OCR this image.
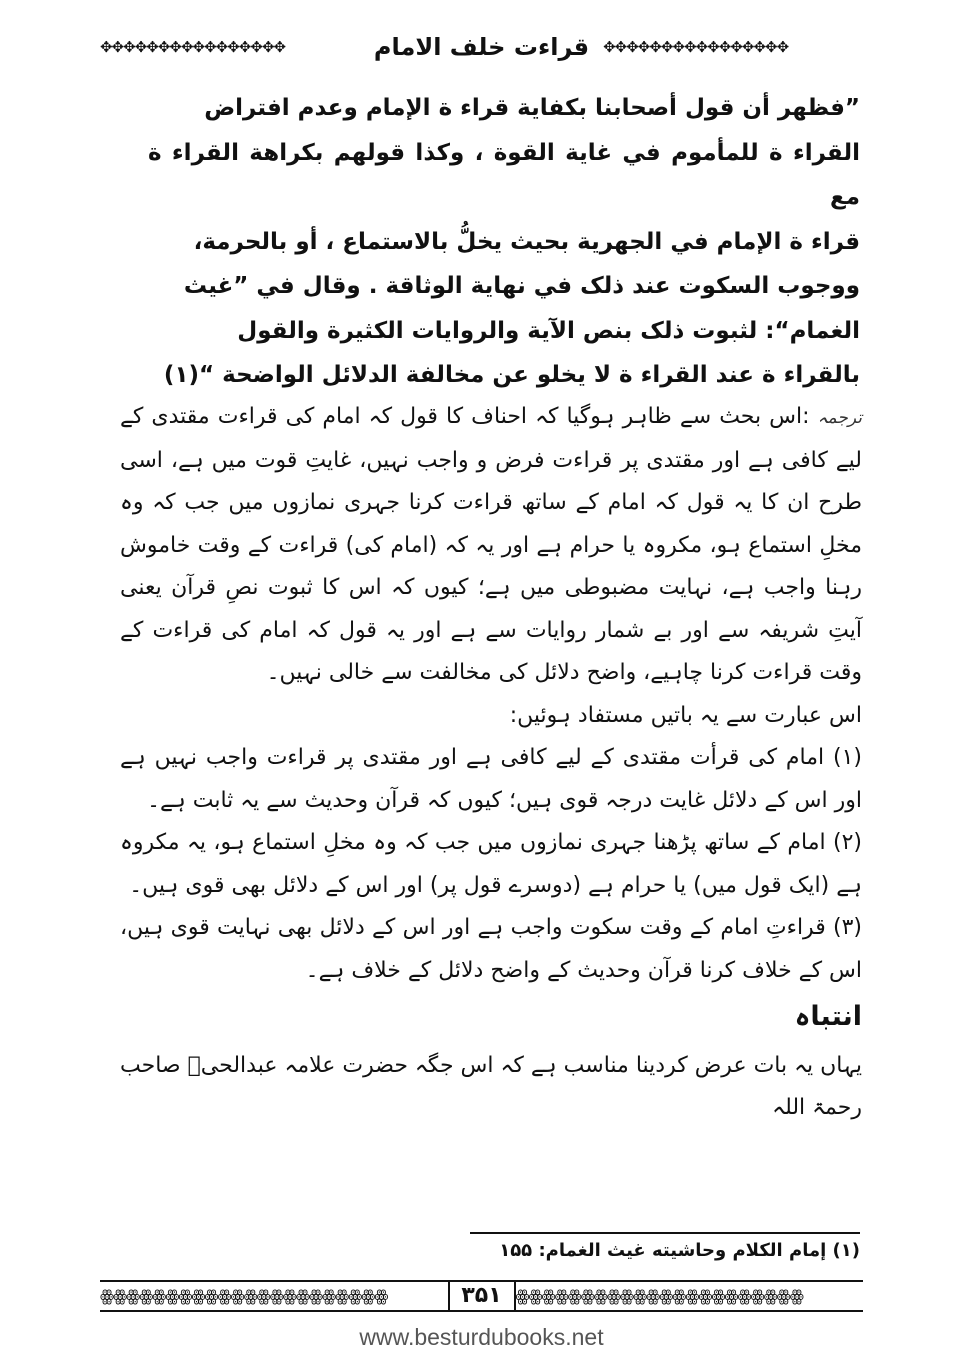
✥✥✥✥✥✥✥✥✥✥✥✥✥✥✥✥
قراءت خلف الامام
✥✥✥✥✥✥✥✥✥✥✥✥✥✥✥✥
”فظهر أن قول أصحابنا بكفاية قراء ة الإمام وعدم افتراض
القراء ة للمأموم في غاية القوة ، وكذا قولهم بكراهة القراء ة مع
قراء ة الإمام في الجهرية بحيث يخلُّ بالاستماع ، أو بالحرمة،
ووجوب السكوت عند ذلک في نهاية الوثاقة . وقال في ”غيث
الغمام“: لثبوت ذلک بنص الآية والروايات الكثيرة والقول
بالقراء ة عند القراء ة لا يخلو عن مخالفة الدلائل الواضحة “(۱)

ترجمہ :اس بحث سے ظاہر ہوگیا کہ احناف کا قول کہ امام کی قراءت مقتدی کے لیے کافی ہے اور مقتدی پر قراءت فرض و واجب نہیں، غایتِ قوت میں ہے، اسی طرح ان کا یہ قول کہ امام کے ساتھ قراءت کرنا جہری نمازوں میں جب کہ وہ مخلِ استماع ہو، مکروہ یا حرام ہے اور یہ کہ (امام کی) قراءت کے وقت خاموش رہنا واجب ہے، نہایت مضبوطی میں ہے؛ کیوں کہ اس کا ثبوت نصِ قرآن یعنی آیتِ شریفہ سے اور بے شمار روایات سے ہے اور یہ قول کہ امام کی قراءت کے وقت قراءت کرنا چاہیے، واضح دلائل کی مخالفت سے خالی نہیں۔

اس عبارت سے یہ باتیں مستفاد ہوئیں:

(۱) امام کی قرأت مقتدی کے لیے کافی ہے اور مقتدی پر قراءت واجب نہیں ہے اور اس کے دلائل غایت درجہ قوی ہیں؛ کیوں کہ قرآن وحدیث سے یہ ثابت ہے۔

(۲) امام کے ساتھ پڑھنا جہری نمازوں میں جب کہ وہ مخلِ استماع ہو، یہ مکروہ ہے (ایک قول میں) یا حرام ہے (دوسرے قول پر) اور اس کے دلائل بھی قوی ہیں۔

(۳) قراءتِ امام کے وقت سکوت واجب ہے اور اس کے دلائل بھی نہایت قوی ہیں، اس کے خلاف کرنا قرآن وحدیث کے واضح دلائل کے خلاف ہے۔

انتباہ

یہاں یہ بات عرض کردینا مناسب ہے کہ اس جگہ حضرت علامہ عبدالحیؒ صاحب رحمۃ اللہ

(۱) إمام الكلام وحاشيته غيث الغمام: ۱۵۵
ꙮꙮꙮꙮꙮꙮꙮꙮꙮꙮꙮꙮꙮꙮꙮꙮꙮꙮꙮꙮꙮꙮ	۳۵۱ ꙮꙮꙮꙮꙮꙮꙮꙮꙮꙮꙮꙮꙮꙮꙮꙮꙮꙮꙮꙮꙮꙮ
www.besturdubooks.net
